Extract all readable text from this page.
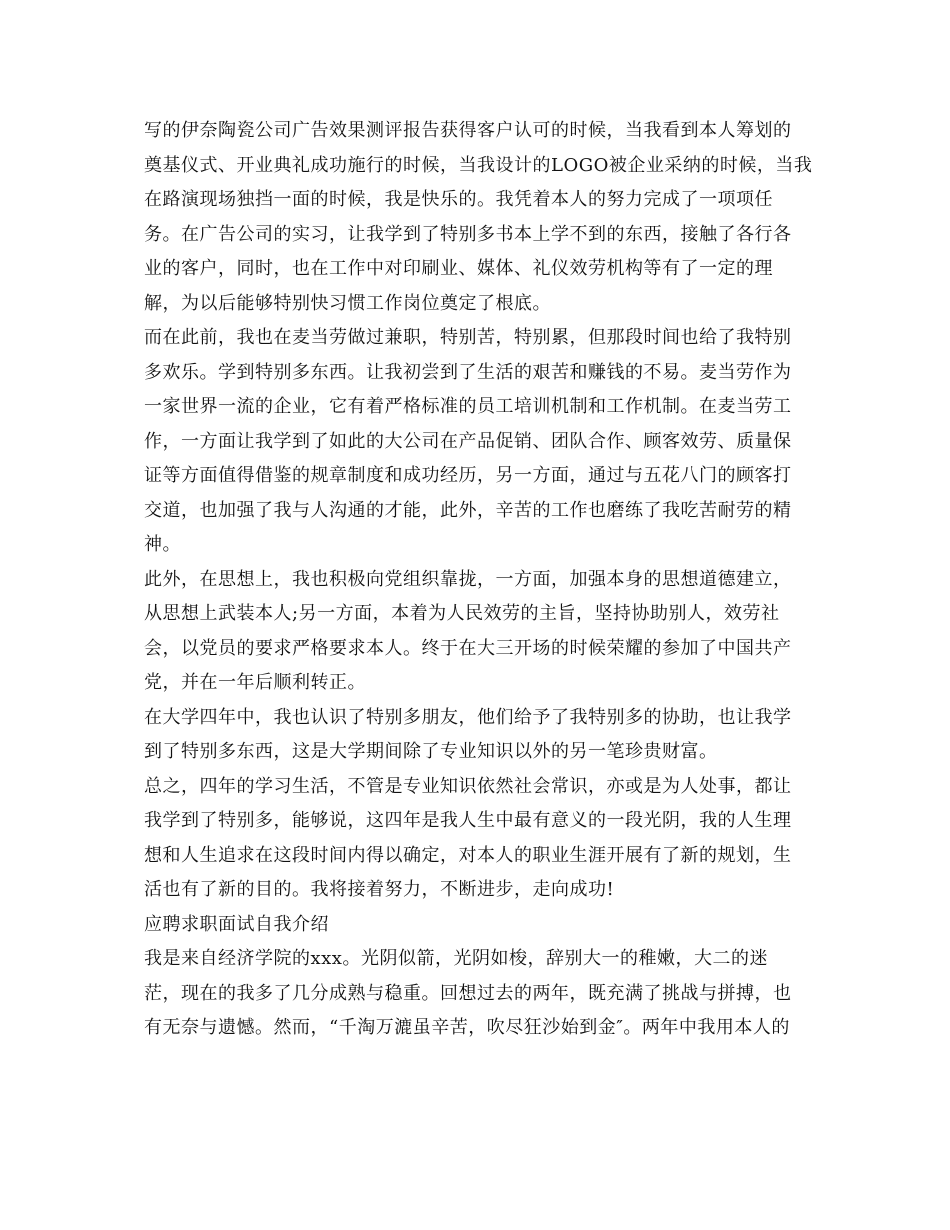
写的伊奈陶瓷公司广告效果测评报告获得客户认可的时候，当我看到本人筹划的
奠基仪式、开业典礼成功施行的时候，当我设计的LOGO被企业采纳的时候，当我
在路演现场独挡一面的时候，我是快乐的。我凭着本人的努力完成了一项项任
务。在广告公司的实习，让我学到了特别多书本上学不到的东西，接触了各行各
业的客户，同时，也在工作中对印刷业、媒体、礼仪效劳机构等有了一定的理
解，为以后能够特别快习惯工作岗位奠定了根底。
而在此前，我也在麦当劳做过兼职，特别苦，特别累，但那段时间也给了我特别
多欢乐。学到特别多东西。让我初尝到了生活的艰苦和赚钱的不易。麦当劳作为
一家世界一流的企业，它有着严格标准的员工培训机制和工作机制。在麦当劳工
作，一方面让我学到了如此的大公司在产品促销、团队合作、顾客效劳、质量保
证等方面值得借鉴的规章制度和成功经历，另一方面，通过与五花八门的顾客打
交道，也加强了我与人沟通的才能，此外，辛苦的工作也磨练了我吃苦耐劳的精
神。
此外，在思想上，我也积极向党组织靠拢，一方面，加强本身的思想道德建立，
从思想上武装本人;另一方面，本着为人民效劳的主旨，坚持协助别人，效劳社
会，以党员的要求严格要求本人。终于在大三开场的时候荣耀的参加了中国共产
党，并在一年后顺利转正。
在大学四年中，我也认识了特别多朋友，他们给予了我特别多的协助，也让我学
到了特别多东西，这是大学期间除了专业知识以外的另一笔珍贵财富。
总之，四年的学习生活，不管是专业知识依然社会常识，亦或是为人处事，都让
我学到了特别多，能够说，这四年是我人生中最有意义的一段光阴，我的人生理
想和人生追求在这段时间内得以确定，对本人的职业生涯开展有了新的规划，生
活也有了新的目的。我将接着努力，不断进步，走向成功!
应聘求职面试自我介绍
我是来自经济学院的xxx。光阴似箭，光阴如梭，辞别大一的稚嫩，大二的迷
茫，现在的我多了几分成熟与稳重。回想过去的两年，既充满了挑战与拼搏，也
有无奈与遗憾。然而，“千淘万漉虽辛苦，吹尽狂沙始到金″。两年中我用本人的
